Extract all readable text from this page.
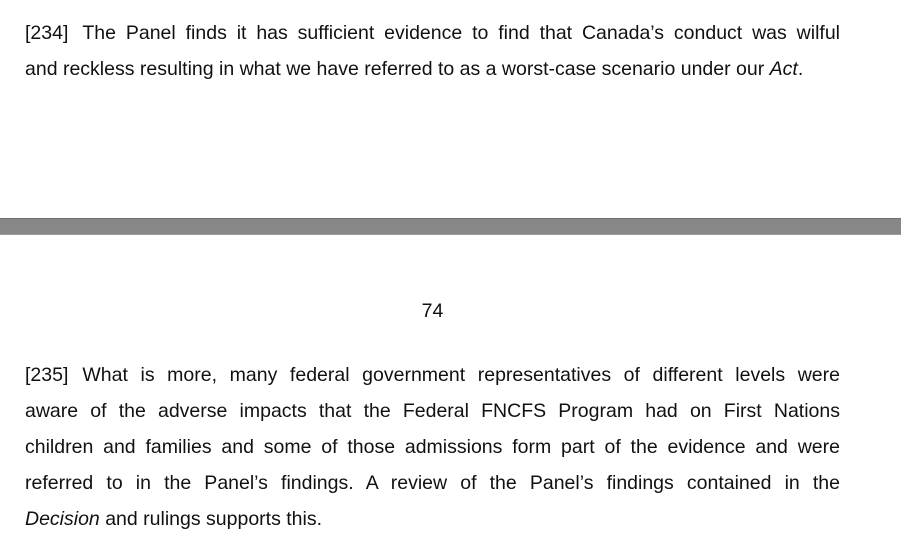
[234] The Panel finds it has sufficient evidence to find that Canada’s conduct was wilful
and reckless resulting in what we have referred to as a worst-case scenario under our Act.
74
[235] What is more, many federal government representatives of different levels were
aware of the adverse impacts that the Federal FNCFS Program had on First Nations
children and families and some of those admissions form part of the evidence and were
referred to in the Panel’s findings. A review of the Panel’s findings contained in the
Decision and rulings supports this.
